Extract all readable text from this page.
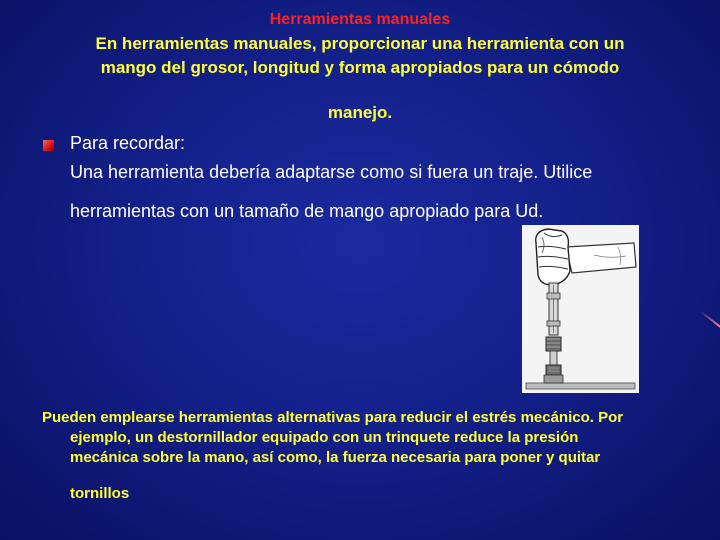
Herramientas manuales
En herramientas manuales, proporcionar una herramienta con un
mango del grosor, longitud y forma apropiados para un cómodo
manejo.
Para recordar:
Una herramienta debería adaptarse como si fuera un traje. Utilice
herramientas con un tamaño de mango apropiado para Ud.
Pueden emplearse herramientas alternativas para reducir el estrés mecánico. Por
ejemplo, un destornillador equipado con un trinquete reduce la presión
mecánica sobre la mano, así como, la fuerza necesaria para poner y quitar
tornillos
